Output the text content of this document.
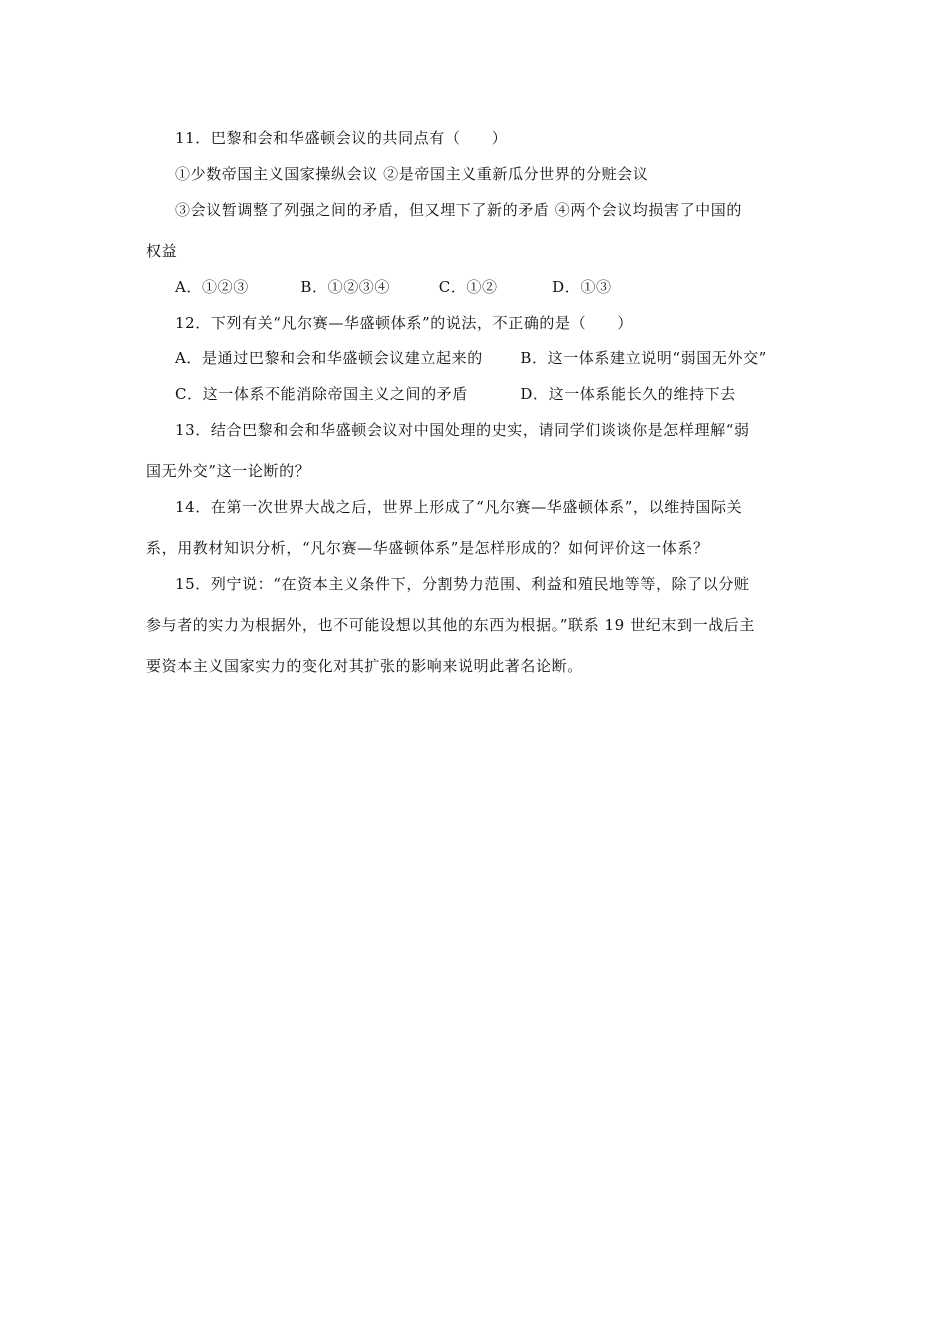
11．巴黎和会和华盛顿会议的共同点有（　　）
①少数帝国主义国家操纵会议 ②是帝国主义重新瓜分世界的分赃会议
③会议暂调整了列强之间的矛盾，但又埋下了新的矛盾 ④两个会议均损害了中国的
权益
A．①②③	B．①②③④	C．①②	D．①③
12．下列有关“凡尔赛—华盛顿体系”的说法，不正确的是（　　）
A．是通过巴黎和会和华盛顿会议建立起来的	B．这一体系建立说明“弱国无外交”
C．这一体系不能消除帝国主义之间的矛盾	D．这一体系能长久的维持下去
13．结合巴黎和会和华盛顿会议对中国处理的史实，请同学们谈谈你是怎样理解“弱
国无外交”这一论断的？
14．在第一次世界大战之后，世界上形成了“凡尔赛—华盛顿体系”，以维持国际关
系，用教材知识分析，“凡尔赛—华盛顿体系”是怎样形成的？如何评价这一体系？
15．列宁说：“在资本主义条件下，分割势力范围、利益和殖民地等等，除了以分赃
参与者的实力为根据外，也不可能设想以其他的东西为根据。”联系 19 世纪末到一战后主
要资本主义国家实力的变化对其扩张的影响来说明此著名论断。
